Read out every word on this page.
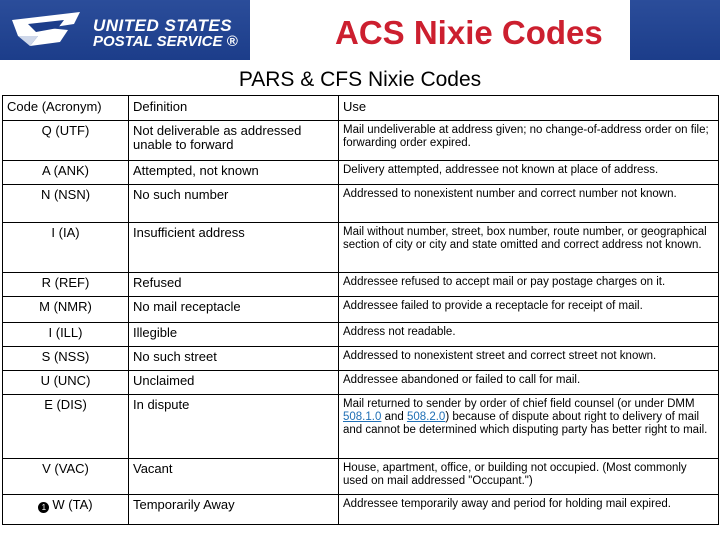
UNITED STATES
POSTAL SERVICE ®	ACS Nixie Codes
PARS & CFS Nixie Codes
Code (Acronym)	Definition	Use
Q (UTF)	Not deliverable as addressed unable to forward	Mail undeliverable at address given; no change-of-address order on file; forwarding order expired.
A (ANK)	Attempted, not known	Delivery attempted, addressee not known at place of address.
N (NSN)	No such number	Addressed to nonexistent number and correct number not known.
I (IA)	Insufficient address	Mail without number, street, box number, route number, or geographical section of city or city and state omitted and correct address not known.
R (REF)	Refused	Addressee refused to accept mail or pay postage charges on it.
M (NMR)	No mail receptacle	Addressee failed to provide a receptacle for receipt of mail.
I (ILL)	Illegible	Address not readable.
S (NSS)	No such street	Addressed to nonexistent street and correct street not known.
U (UNC)	Unclaimed	Addressee abandoned or failed to call for mail.
E (DIS)	In dispute	Mail returned to sender by order of chief field counsel (or under DMM 508.1.0 and 508.2.0) because of dispute about right to delivery of mail and cannot be determined which disputing party has better right to mail.
V (VAC)	Vacant	House, apartment, office, or building not occupied. (Most commonly used on mail addressed "Occupant.")
1 W (TA)	Temporarily Away	Addressee temporarily away and period for holding mail expired.
